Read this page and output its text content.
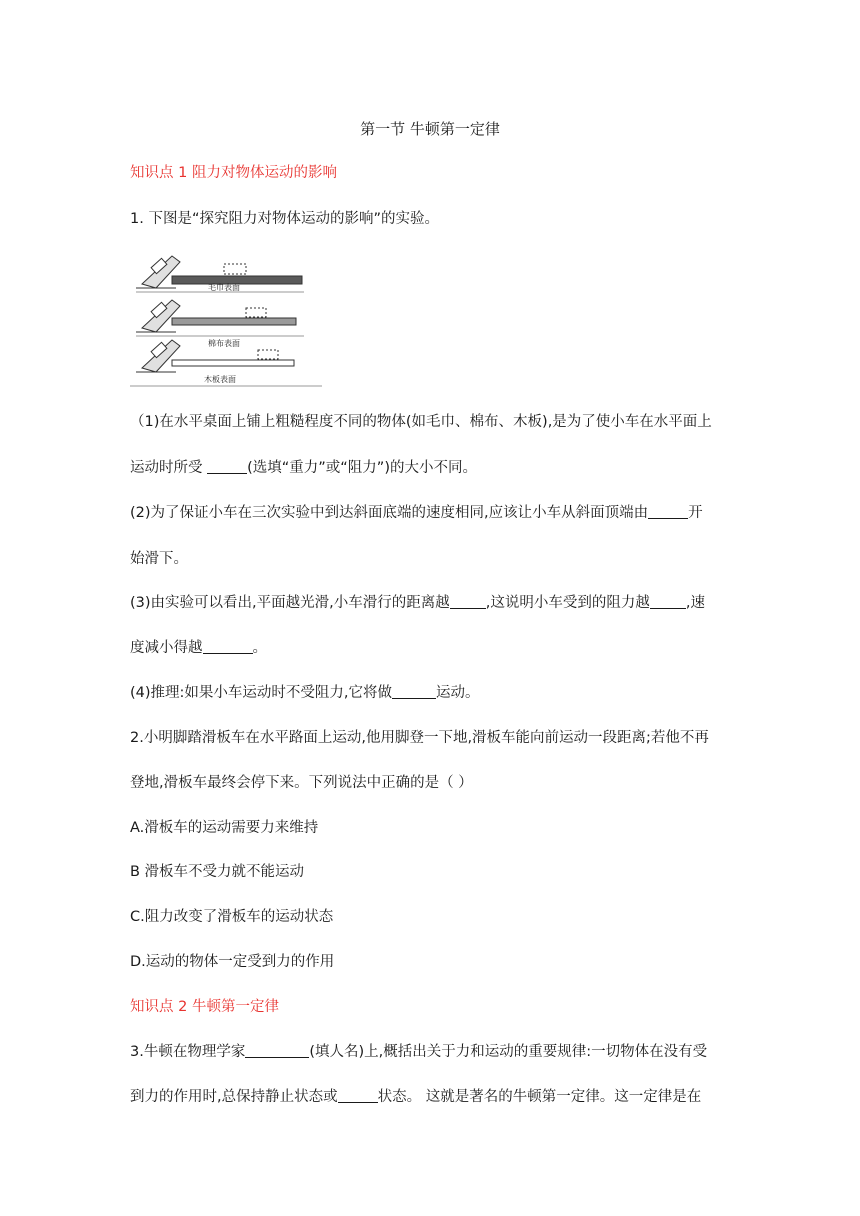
第一节 牛顿第一定律
知识点 1 阻力对物体运动的影响
1. 下图是“探究阻力对物体运动的影响”的实验。
毛巾表面
棉布表面
木板表面
（1)在水平桌面上铺上粗糙程度不同的物体(如毛巾、棉布、木板),是为了使小车在水平面上
运动时所受	(选填“重力”或“阻力”)的大小不同。
(2)为了保证小车在三次实验中到达斜面底端的速度相同,应该让小车从斜面顶端由	开
始滑下。
(3)由实验可以看出,平面越光滑,小车滑行的距离越 ,这说明小车受到的阻力越 ,速
度减小得越	。
(4)推理:如果小车运动时不受阻力,它将做	运动。
2.小明脚踏滑板车在水平路面上运动,他用脚登一下地,滑板车能向前运动一段距离;若他不再
登地,滑板车最终会停下来。下列说法中正确的是（ ）
A.滑板车的运动需要力来维持
B 滑板车不受力就不能运动
C.阻力改变了滑板车的运动状态
D.运动的物体一定受到力的作用
知识点 2 牛顿第一定律
3.牛顿在物理学家	(填人名)上,概括出关于力和运动的重要规律:一切物体在没有受
到力的作用时,总保持静止状态或	状态。 这就是著名的牛顿第一定律。这一定律是在
